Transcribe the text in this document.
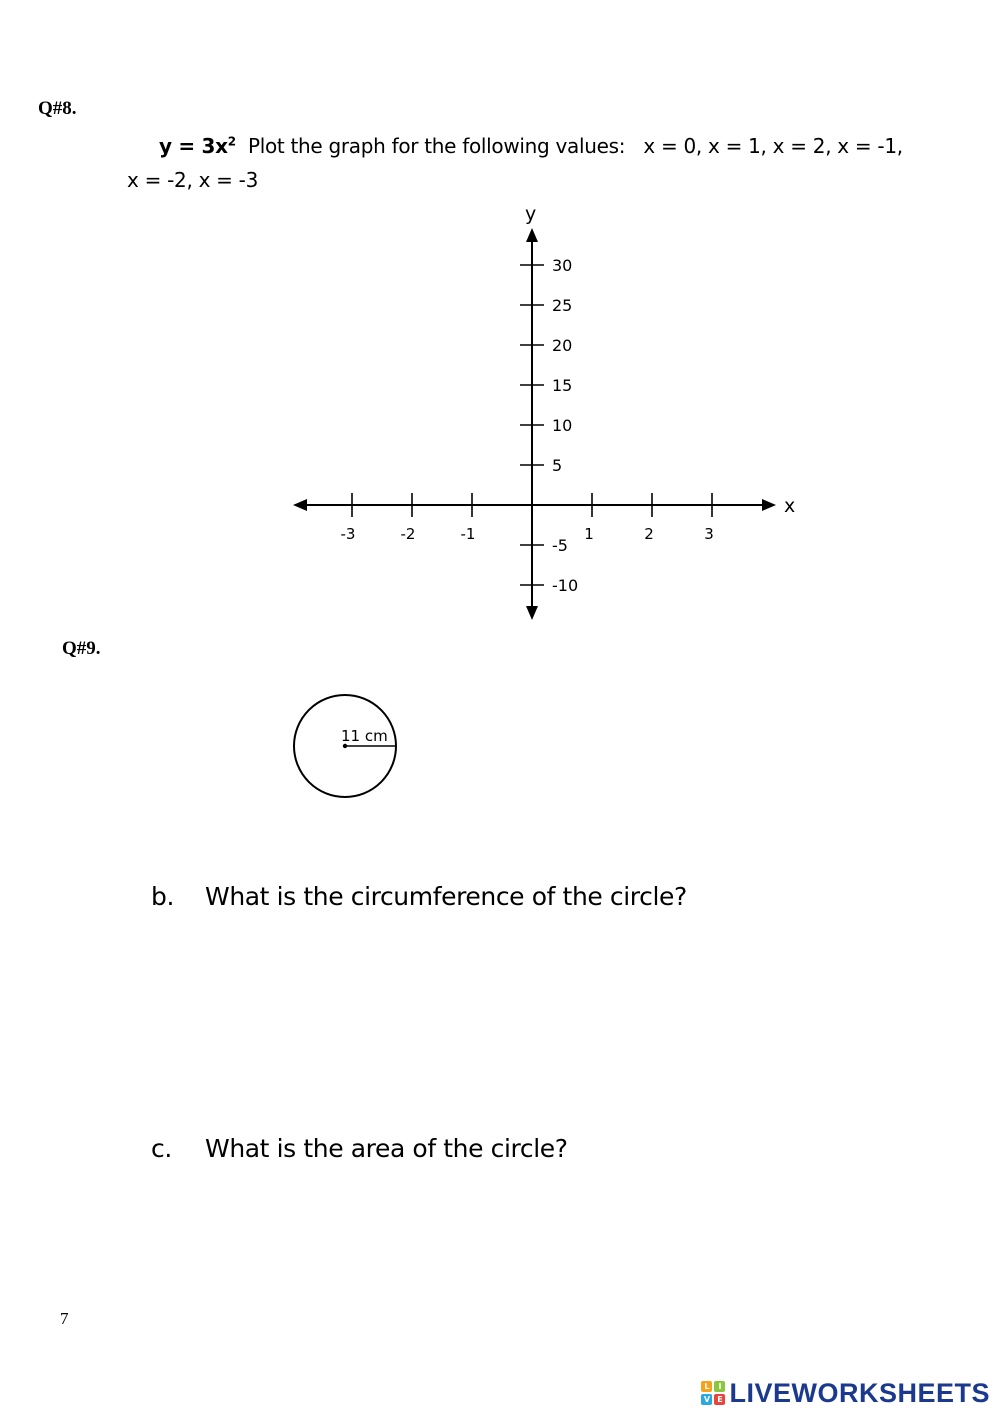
Q#8.
$y = 3x^2$ Plot the graph for the following values: x = 0, x = 1, x = 2, x = -1,
x = -2, x = -3
x
y
-3	-2	-1	1	2	3
-10
-5
5
10
15
20
25
30
Q#9.
11 cm
b. What is the circumference of the circle?
c. What is the area of the circle?
7
L	I
V E LIVEWORKSHEETS
